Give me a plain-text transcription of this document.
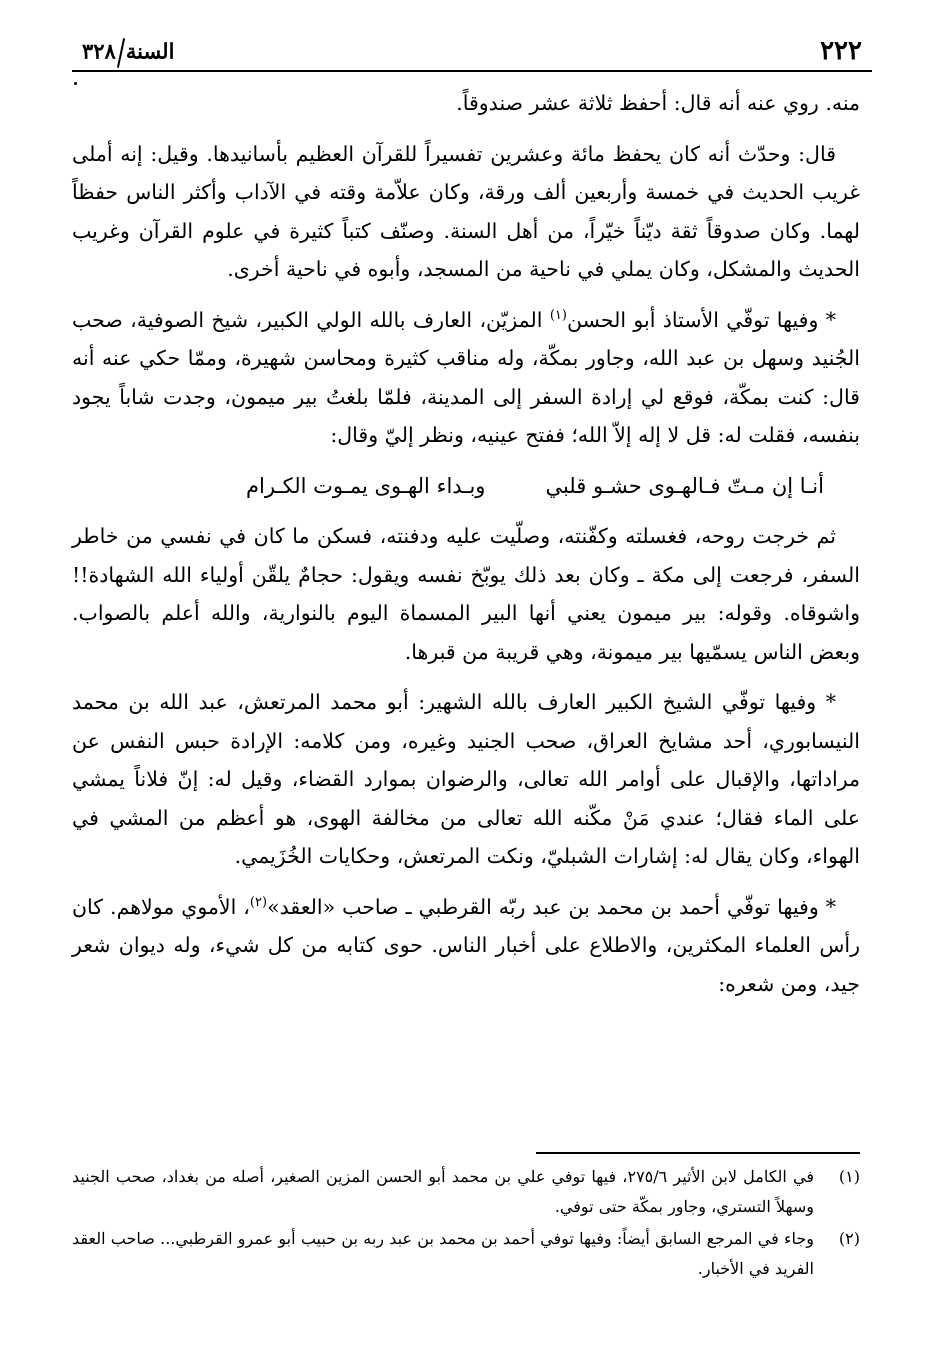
٢٢٢
السنة٣٢٨

منه. روي عنه أنه قال: أحفظ ثلاثة عشر صندوقاً.

قال: وحدّث أنه كان يحفظ مائة وعشرين تفسيراً للقرآن العظيم بأسانيدها. وقيل: إنه أملى غريب الحديث في خمسة وأربعين ألف ورقة، وكان علاّمة وقته في الآداب وأكثر الناس حفظاً لهما. وكان صدوقاً ثقة ديّناً خيّراً، من أهل السنة. وصنّف كتباً كثيرة في علوم القرآن وغريب الحديث والمشكل، وكان يملي في ناحية من المسجد، وأبوه في ناحية أخرى.

* وفيها توفّي الأستاذ أبو الحسن$^{(١)}$ المزيّن، العارف بالله الولي الكبير، شيخ الصوفية، صحب الجُنيد وسهل بن عبد الله، وجاور بمكّة، وله مناقب كثيرة ومحاسن شهيرة، وممّا حكي عنه أنه قال: كنت بمكّة، فوقع لي إرادة السفر إلى المدينة، فلمّا بلغتُ بير ميمون، وجدت شاباً يجود بنفسه، فقلت له: قل لا إله إلاّ الله؛ ففتح عينيه، ونظر إليّ وقال:

أنـا إن مـتّ فـالهـوى حشـو قلبي
وبـداء الهـوى يمـوت الكـرام

ثم خرجت روحه، فغسلته وكفّنته، وصلّيت عليه ودفنته، فسكن ما كان في نفسي من خاطر السفر، فرجعت إلى مكة ـ وكان بعد ذلك يوبّخ نفسه ويقول: حجامٌ يلقّن أولياء الله الشهادة!! واشوقاه. وقوله: بير ميمون يعني أنها البير المسماة اليوم بالنوارية، والله أعلم بالصواب. وبعض الناس يسمّيها بير ميمونة، وهي قريبة من قبرها.

* وفيها توفّي الشيخ الكبير العارف بالله الشهير: أبو محمد المرتعش، عبد الله بن محمد النيسابوري، أحد مشايخ العراق، صحب الجنيد وغيره، ومن كلامه: الإرادة حبس النفس عن مراداتها، والإقبال على أوامر الله تعالى، والرضوان بموارد القضاء، وقيل له: إنّ فلاناً يمشي على الماء فقال؛ عندي مَنْ مكّنه الله تعالى من مخالفة الهوى، هو أعظم من المشي في الهواء، وكان يقال له: إشارات الشبليّ، ونكت المرتعش، وحكايات الخُزَيمي.

* وفيها توفّي أحمد بن محمد بن عبد ربّه القرطبي ـ صاحب «العقد»$^{(٢)}$، الأموي مولاهم. كان رأس العلماء المكثرين، والاطلاع على أخبار الناس. حوى كتابه من كل شيء، وله ديوان شعر جيد، ومن شعره:

(١)
في الكامل لابن الأثير ٢٧٥/٦، فيها توفي علي بن محمد أبو الحسن المزين الصغير، أصله من بغداد، صحب الجنيد وسهلاً التستري، وجاور بمكّة حتى توفي.
(٢)
وجاء في المرجع السابق أيضاً: وفيها توفي أحمد بن محمد بن عبد ربه بن حبيب أبو عمرو القرطبي... صاحب العقد الفريد في الأخبار.
